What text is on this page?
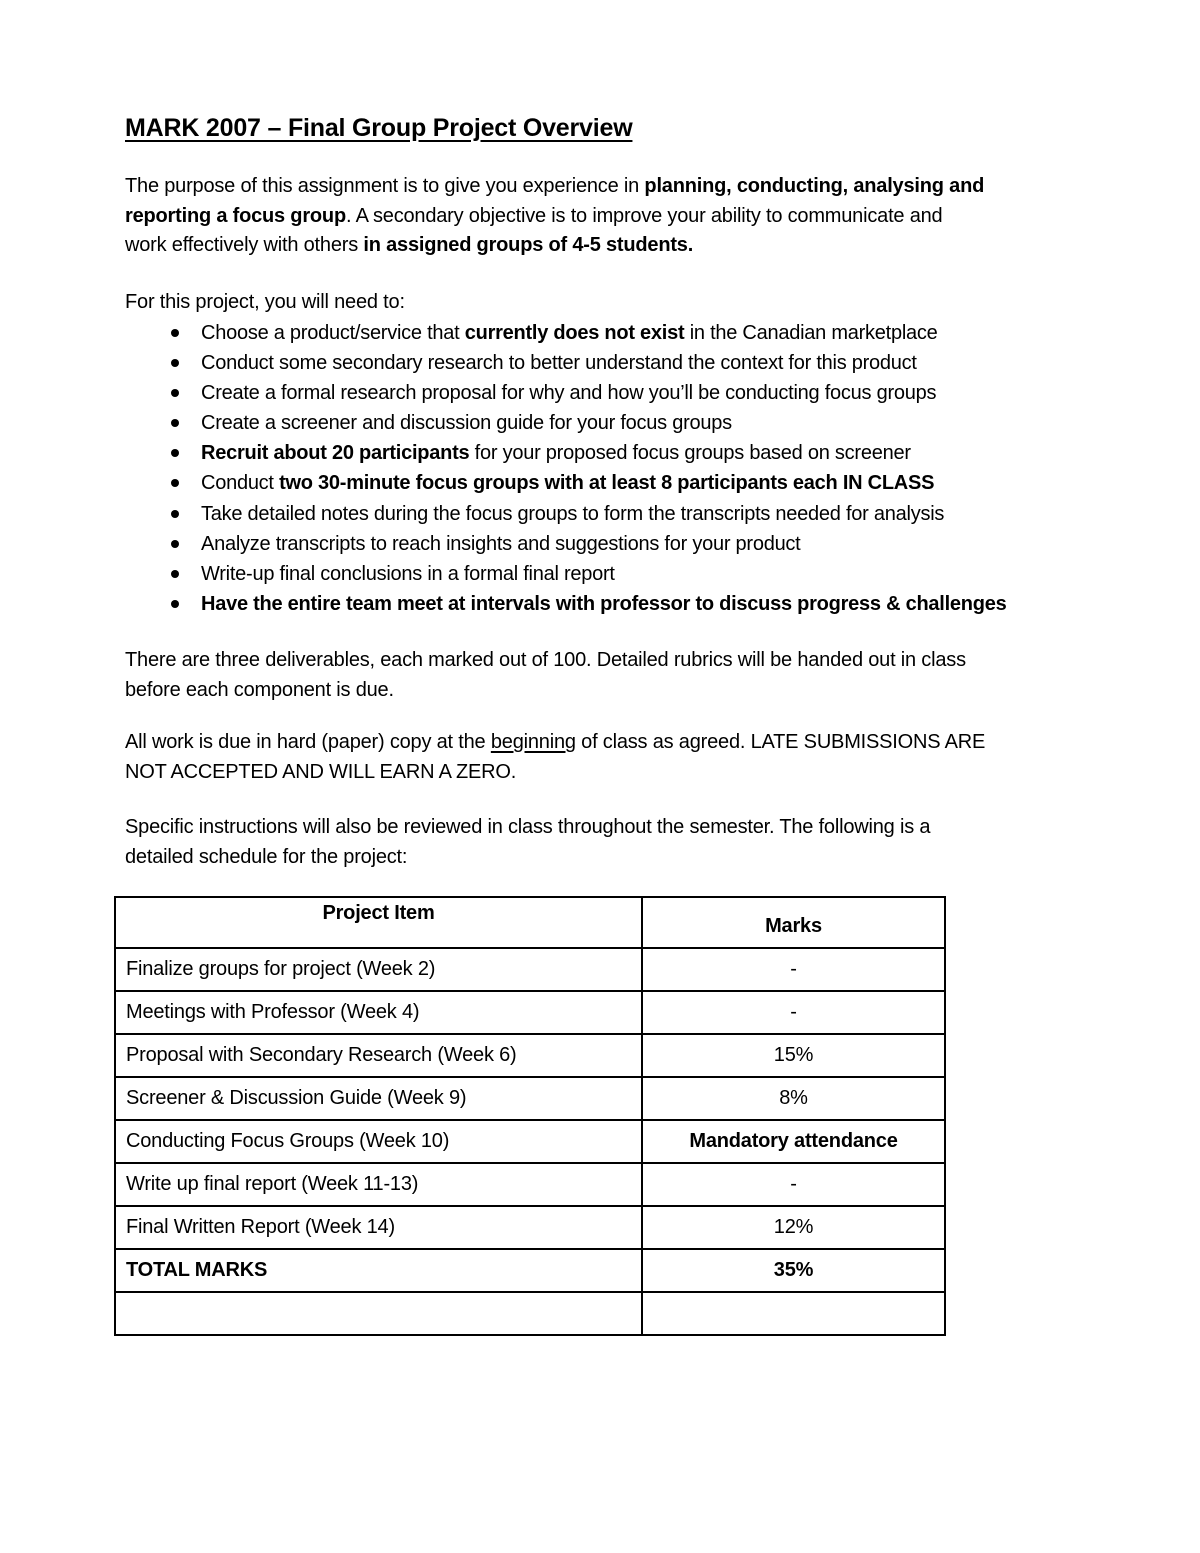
MARK 2007 – Final Group Project Overview
The purpose of this assignment is to give you experience in planning, conducting, analysing and
reporting a focus group. A secondary objective is to improve your ability to communicate and
work effectively with others in assigned groups of 4-5 students.
For this project, you will need to:
Choose a product/service that currently does not exist in the Canadian marketplace
Conduct some secondary research to better understand the context for this product
Create a formal research proposal for why and how you’ll be conducting focus groups
Create a screener and discussion guide for your focus groups
Recruit about 20 participants for your proposed focus groups based on screener
Conduct two 30-minute focus groups with at least 8 participants each IN CLASS
Take detailed notes during the focus groups to form the transcripts needed for analysis
Analyze transcripts to reach insights and suggestions for your product
Write-up final conclusions in a formal final report
Have the entire team meet at intervals with professor to discuss progress & challenges
There are three deliverables, each marked out of 100. Detailed rubrics will be handed out in class
before each component is due.
All work is due in hard (paper) copy at the beginning of class as agreed. LATE SUBMISSIONS ARE
NOT ACCEPTED AND WILL EARN A ZERO.
Specific instructions will also be reviewed in class throughout the semester. The following is a
detailed schedule for the project:
Project Item	Marks
Finalize groups for project (Week 2)	-
Meetings with Professor (Week 4)	-
Proposal with Secondary Research (Week 6)	15%
Screener & Discussion Guide (Week 9)	8%
Conducting Focus Groups (Week 10)	Mandatory attendance
Write up final report (Week 11-13)	-
Final Written Report (Week 14)	12%
TOTAL MARKS	35%
